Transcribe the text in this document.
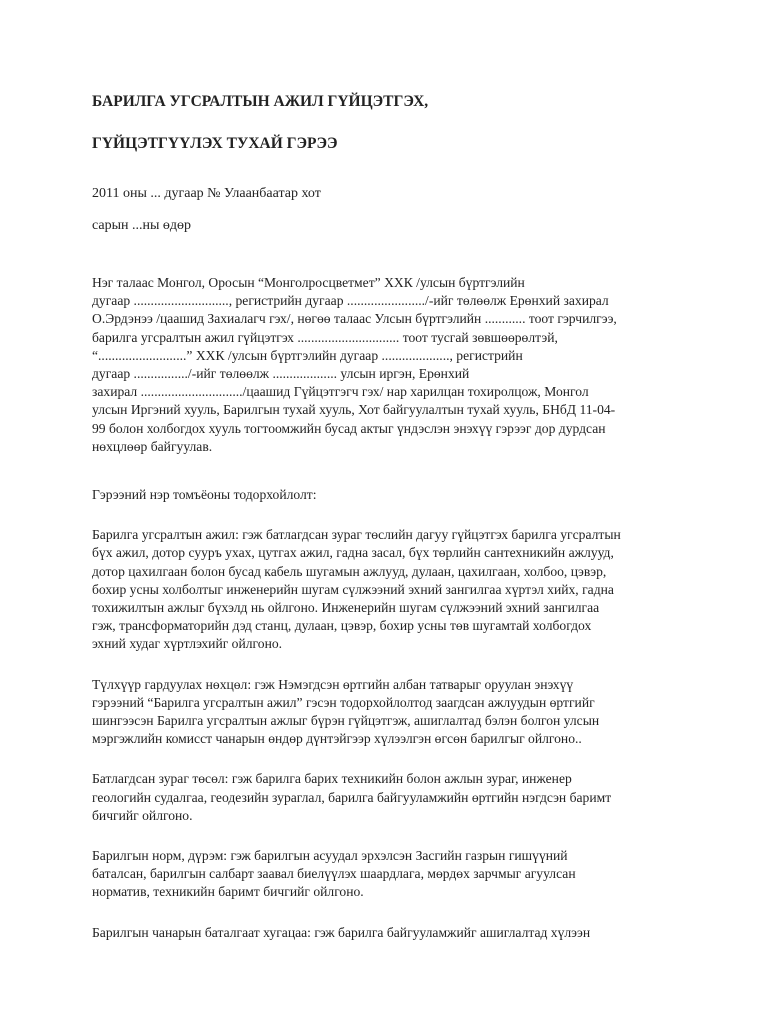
БАРИЛГА УГСРАЛТЫН АЖИЛ ГҮЙЦЭТГЭХ,
ГҮЙЦЭТГҮҮЛЭХ ТУХАЙ ГЭРЭЭ
2011 оны ... дугаар № Улаанбаатар хот
сарын ...ны өдөр

Нэг талаас Монгол, Оросын “Монголросцветмет” ХХК /улсын бүртгэлийн
дугаар ............................, регистрийн дугаар ......................./-ийг төлөөлж Ерөнхий захирал
О.Эрдэнээ /цаашид Захиалагч гэх/, нөгөө талаас Улсын бүртгэлийн ............ тоот гэрчилгээ,
барилга угсралтын ажил гүйцэтгэх .............................. тоот тусгай зөвшөөрөлтэй,
“..........................” ХХК /улсын бүртгэлийн дугаар ...................., регистрийн
дугаар ................/-ийг төлөөлж ................... улсын иргэн, Ерөнхий
захирал ............................../цаашид Гүйцэтгэгч гэх/ нар харилцан тохиролцож, Монгол
улсын Иргэний хууль, Барилгын тухай хууль, Хот байгуулалтын тухай хууль, БНбД 11-04-
99 болон холбогдох хууль тогтоомжийн бусад актыг үндэслэн энэхүү гэрээг дор дурдсан
нөхцлөөр байгуулав.

Гэрээний нэр томъёоны тодорхойлолт:

Барилга угсралтын ажил: гэж батлагдсан зураг төслийн дагуу гүйцэтгэх барилга угсралтын
бүх ажил, дотор сууръ ухах, цутгах ажил, гадна засал, бүх төрлийн сантехникийн ажлууд,
дотор цахилгаан болон бусад кабель шугамын ажлууд, дулаан, цахилгаан, холбоо, цэвэр,
бохир усны холболтыг инженерийн шугам сүлжээний эхний зангилгаа хүртэл хийх, гадна
тохижилтын ажлыг бүхэлд нь ойлгоно. Инженерийн шугам сүлжээний эхний зангилгаа
гэж, трансформаторийн дэд станц, дулаан, цэвэр, бохир усны төв шугамтай холбогдох
эхний худаг хүртлэхийг ойлгоно.

Түлхүүр гардуулах нөхцөл: гэж Нэмэгдсэн өртгийн албан татварыг оруулан энэхүү
гэрээний “Барилга угсралтын ажил” гэсэн тодорхойлолтод заагдсан ажлуудын өртгийг
шингээсэн Барилга угсралтын ажлыг бүрэн гүйцэтгэж, ашиглалтад бэлэн болгон улсын
мэргэжлийн комисст чанарын өндөр дүнтэйгээр хүлээлгэн өгсөн барилгыг ойлгоно..

Батлагдсан зураг төсөл: гэж барилга барих техникийн болон ажлын зураг, инженер
геологийн судалгаа, геодезийн зураглал, барилга байгууламжийн өртгийн нэгдсэн баримт
бичгийг ойлгоно.

Барилгын норм, дүрэм: гэж барилгын асуудал эрхэлсэн Засгийн газрын гишүүний
баталсан, барилгын салбарт заавал биелүүлэх шаардлага, мөрдөх зарчмыг агуулсан
норматив, техникийн баримт бичгийг ойлгоно.

Барилгын чанарын баталгаат хугацаа: гэж барилга байгууламжийг ашиглалтад хүлээн
